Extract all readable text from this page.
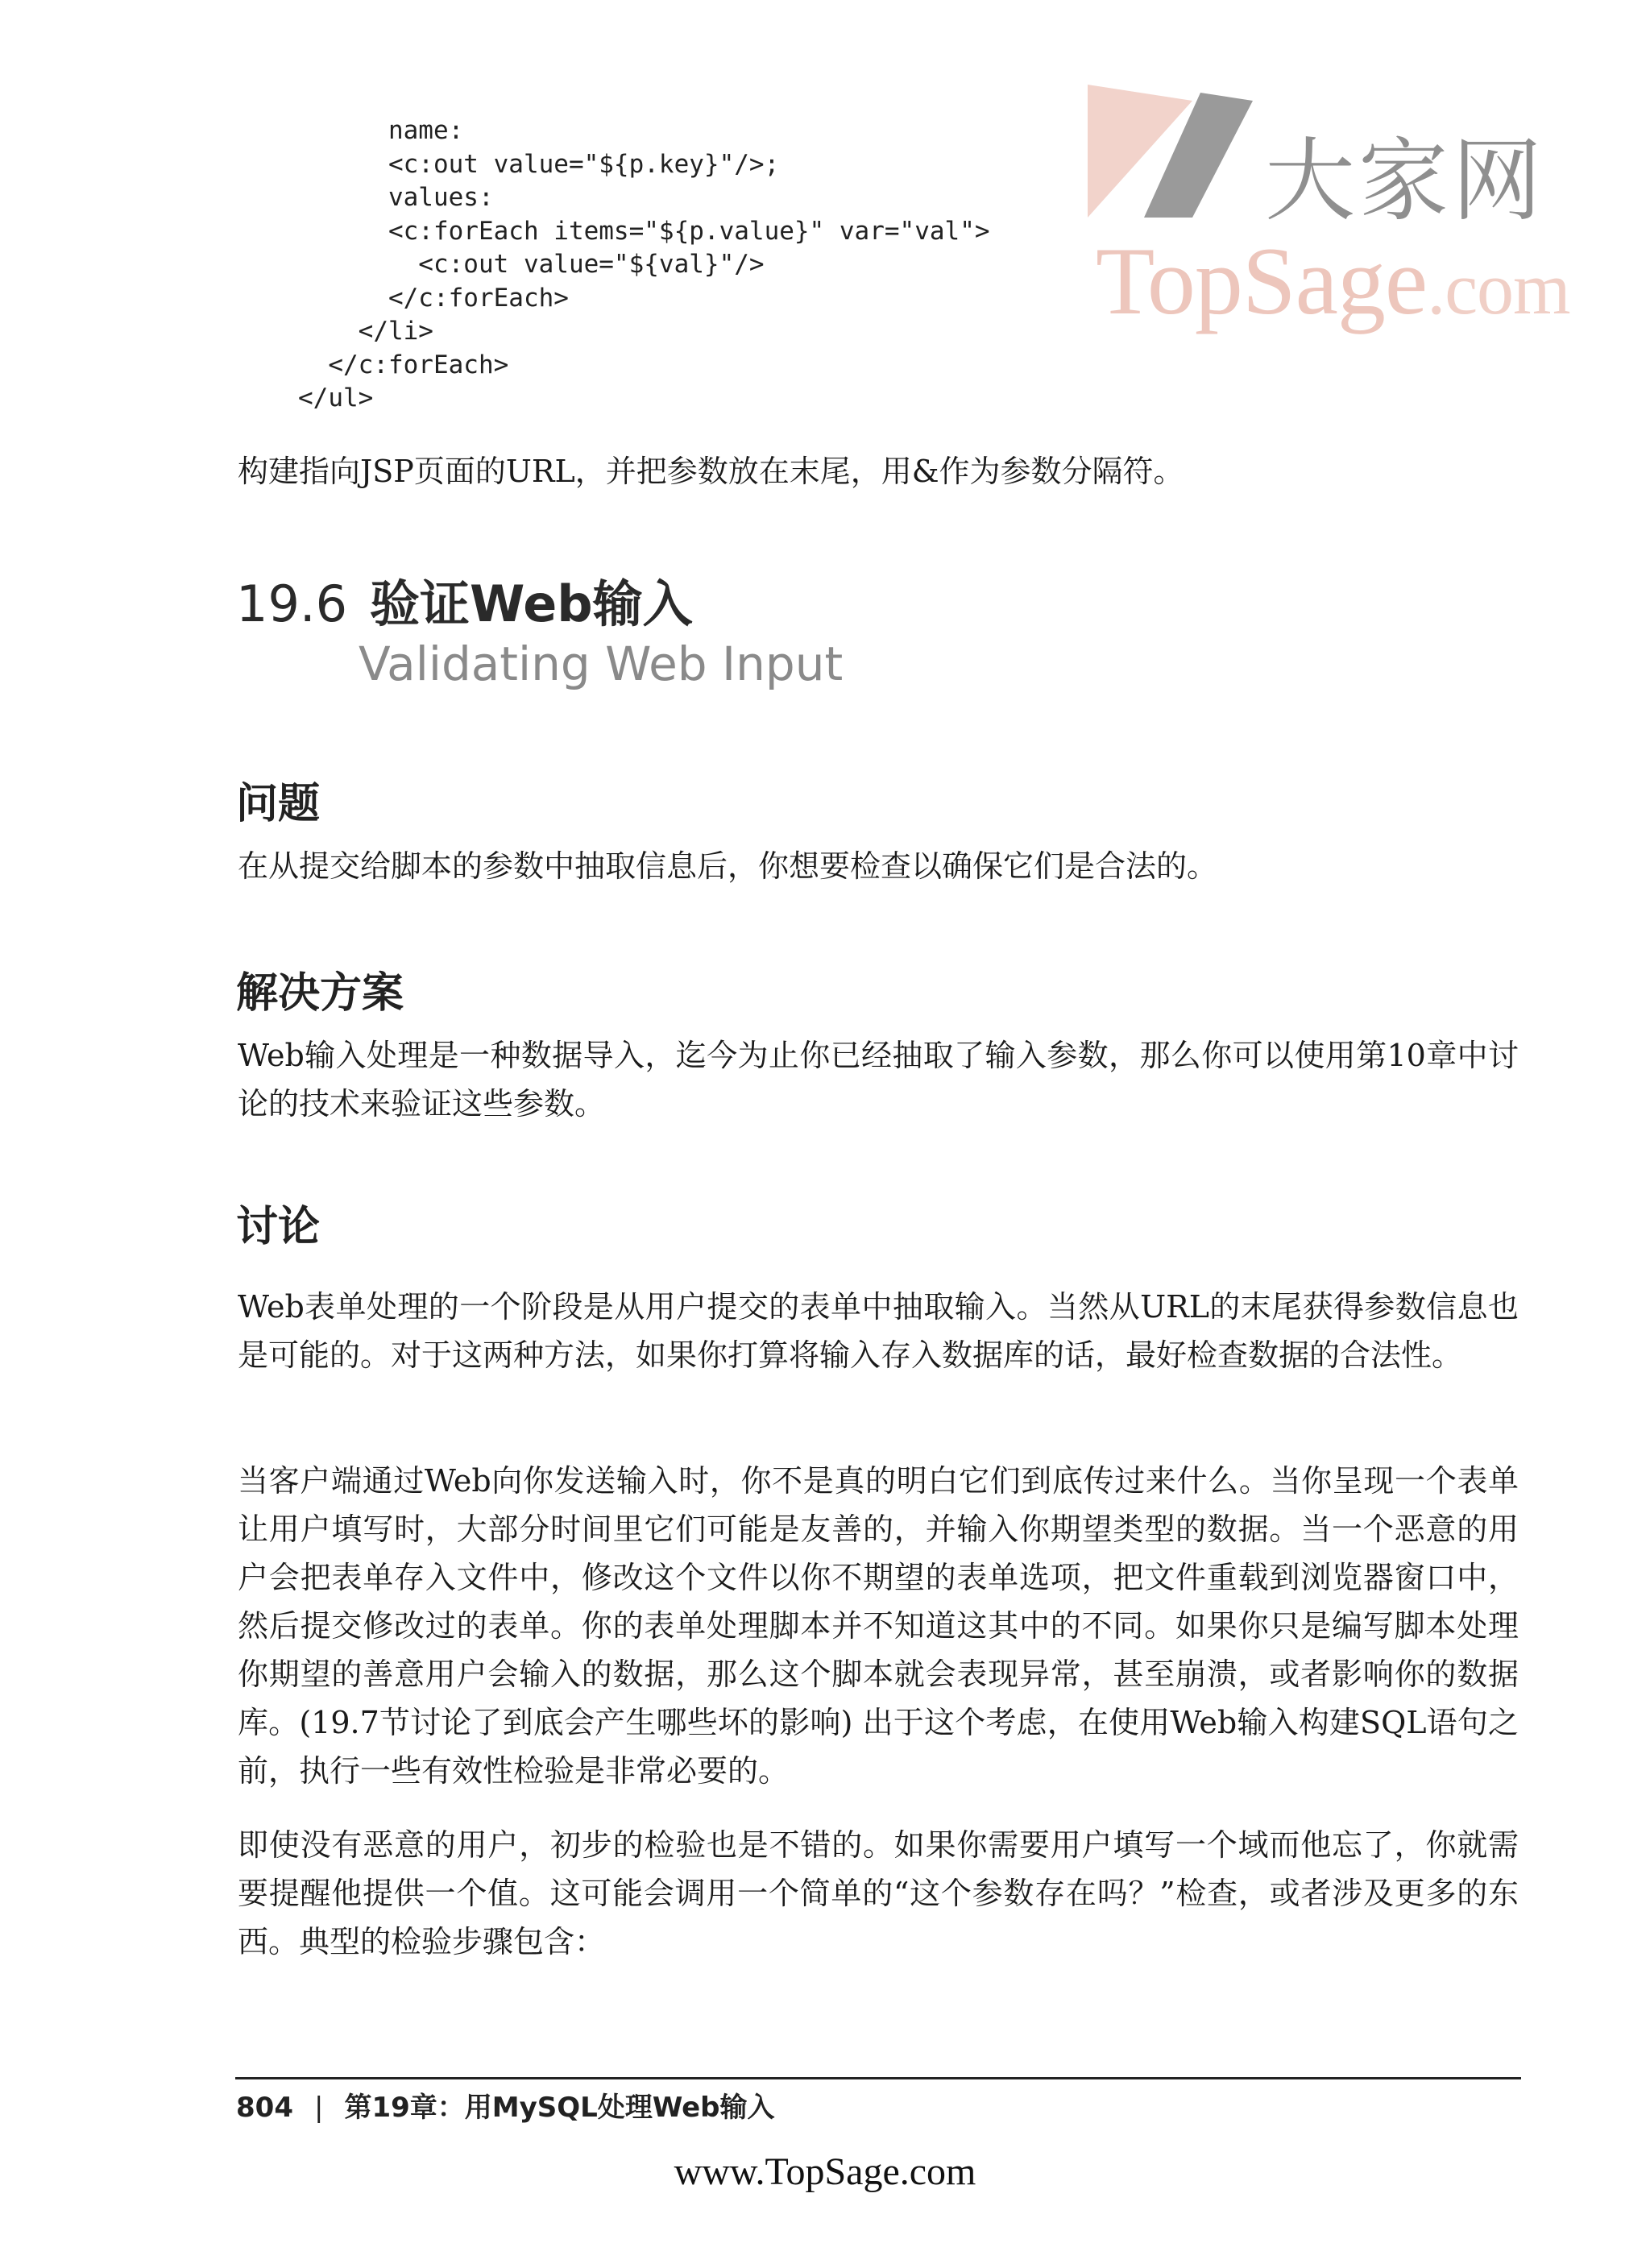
name:
<c:out value="${p.key}"/>;
values:
<c:forEach items="${p.value}" var="val">
<c:out value="${val}"/>
</c:forEach>
</li>
</c:forEach>
</ul>
大家网
TopSage.com

构建指向JSP页面的URL，并把参数放在末尾，用&作为参数分隔符。

19.6 验证Web输入
Validating Web Input
问题

在从提交给脚本的参数中抽取信息后，你想要检查以确保它们是合法的。

解决方案

Web输入处理是一种数据导入，迄今为止你已经抽取了输入参数，那么你可以使用第10章中讨论的技术来验证这些参数。

讨论

Web表单处理的一个阶段是从用户提交的表单中抽取输入。当然从URL的末尾获得参数信息也是可能的。对于这两种方法，如果你打算将输入存入数据库的话，最好检查数据的合法性。

当客户端通过Web向你发送输入时，你不是真的明白它们到底传过来什么。当你呈现一个表单让用户填写时，大部分时间里它们可能是友善的，并输入你期望类型的数据。当一个恶意的用户会把表单存入文件中，修改这个文件以你不期望的表单选项，把文件重载到浏览器窗口中，然后提交修改过的表单。你的表单处理脚本并不知道这其中的不同。如果你只是编写脚本处理你期望的善意用户会输入的数据，那么这个脚本就会表现异常，甚至崩溃，或者影响你的数据库。(19.7节讨论了到底会产生哪些坏的影响) 出于这个考虑，在使用Web输入构建SQL语句之前，执行一些有效性检验是非常必要的。

即使没有恶意的用户，初步的检验也是不错的。如果你需要用户填写一个域而他忘了，你就需要提醒他提供一个值。这可能会调用一个简单的“这个参数存在吗？”检查，或者涉及更多的东西。典型的检验步骤包含：

804 | 第19章：用MySQL处理Web输入
www.TopSage.com
